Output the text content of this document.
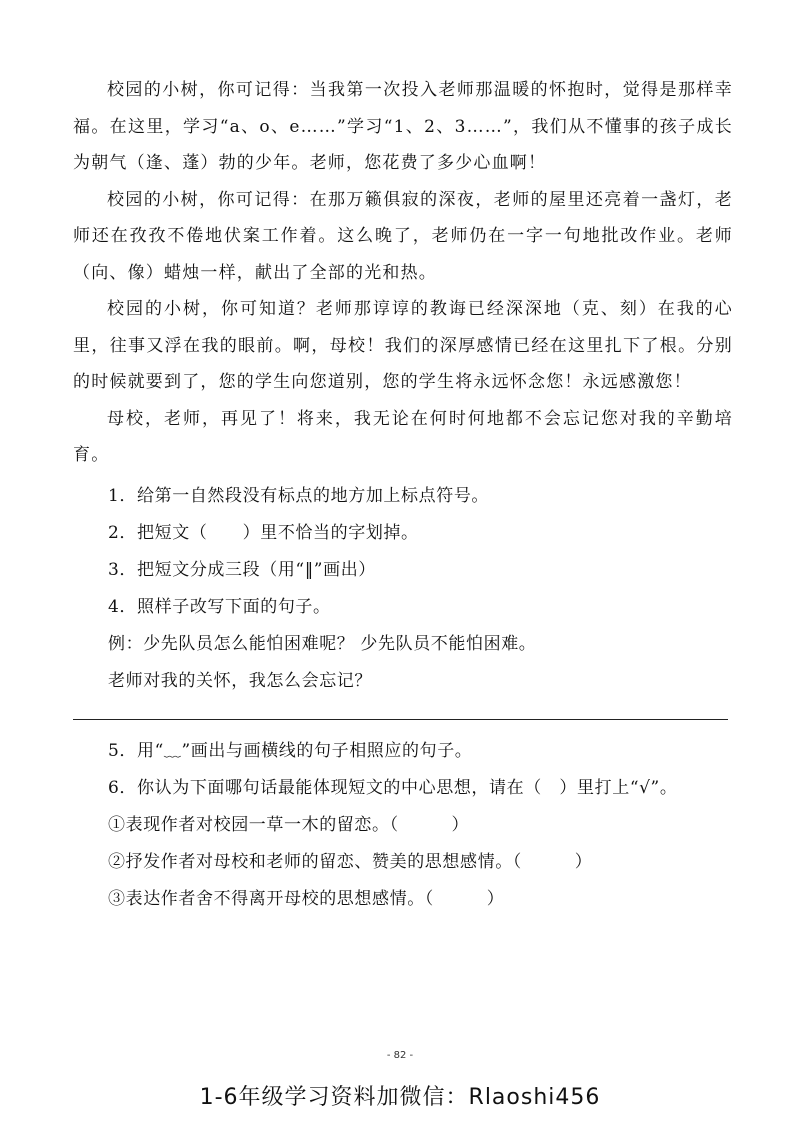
校园的小树，你可记得：当我第一次投入老师那温暖的怀抱时，觉得是那样幸福。在这里，学习“a、o、e……”学习“1、2、3……”，我们从不懂事的孩子成长为朝气（逢、蓬）勃的少年。老师，您花费了多少心血啊！

校园的小树，你可记得：在那万籁俱寂的深夜，老师的屋里还亮着一盏灯，老师还在孜孜不倦地伏案工作着。这么晚了，老师仍在一字一句地批改作业。老师（向、像）蜡烛一样，献出了全部的光和热。

校园的小树，你可知道？老师那谆谆的教诲已经深深地（克、刻）在我的心里，往事又浮在我的眼前。啊，母校！我们的深厚感情已经在这里扎下了根。分别的时候就要到了，您的学生向您道别，您的学生将永远怀念您！永远感激您！

母校，老师，再见了！将来，我无论在何时何地都不会忘记您对我的辛勤培育。

1．给第一自然段没有标点的地方加上标点符号。

2．把短文（　　）里不恰当的字划掉。

3．把短文分成三段（用“‖”画出）

4．照样子改写下面的句子。

例：少先队员怎么能怕困难呢？ 少先队员不能怕困难。

老师对我的关怀，我怎么会忘记？

5．用“﹏”画出与画横线的句子相照应的句子。

6．你认为下面哪句话最能体现短文的中心思想，请在（　）里打上“√”。

①表现作者对校园一草一木的留恋。（　　　）

②抒发作者对母校和老师的留恋、赞美的思想感情。（　　　）

③表达作者舍不得离开母校的思想感情。（　　　）

- 82 -
1-6年级学习资料加微信：Rlaoshi456
